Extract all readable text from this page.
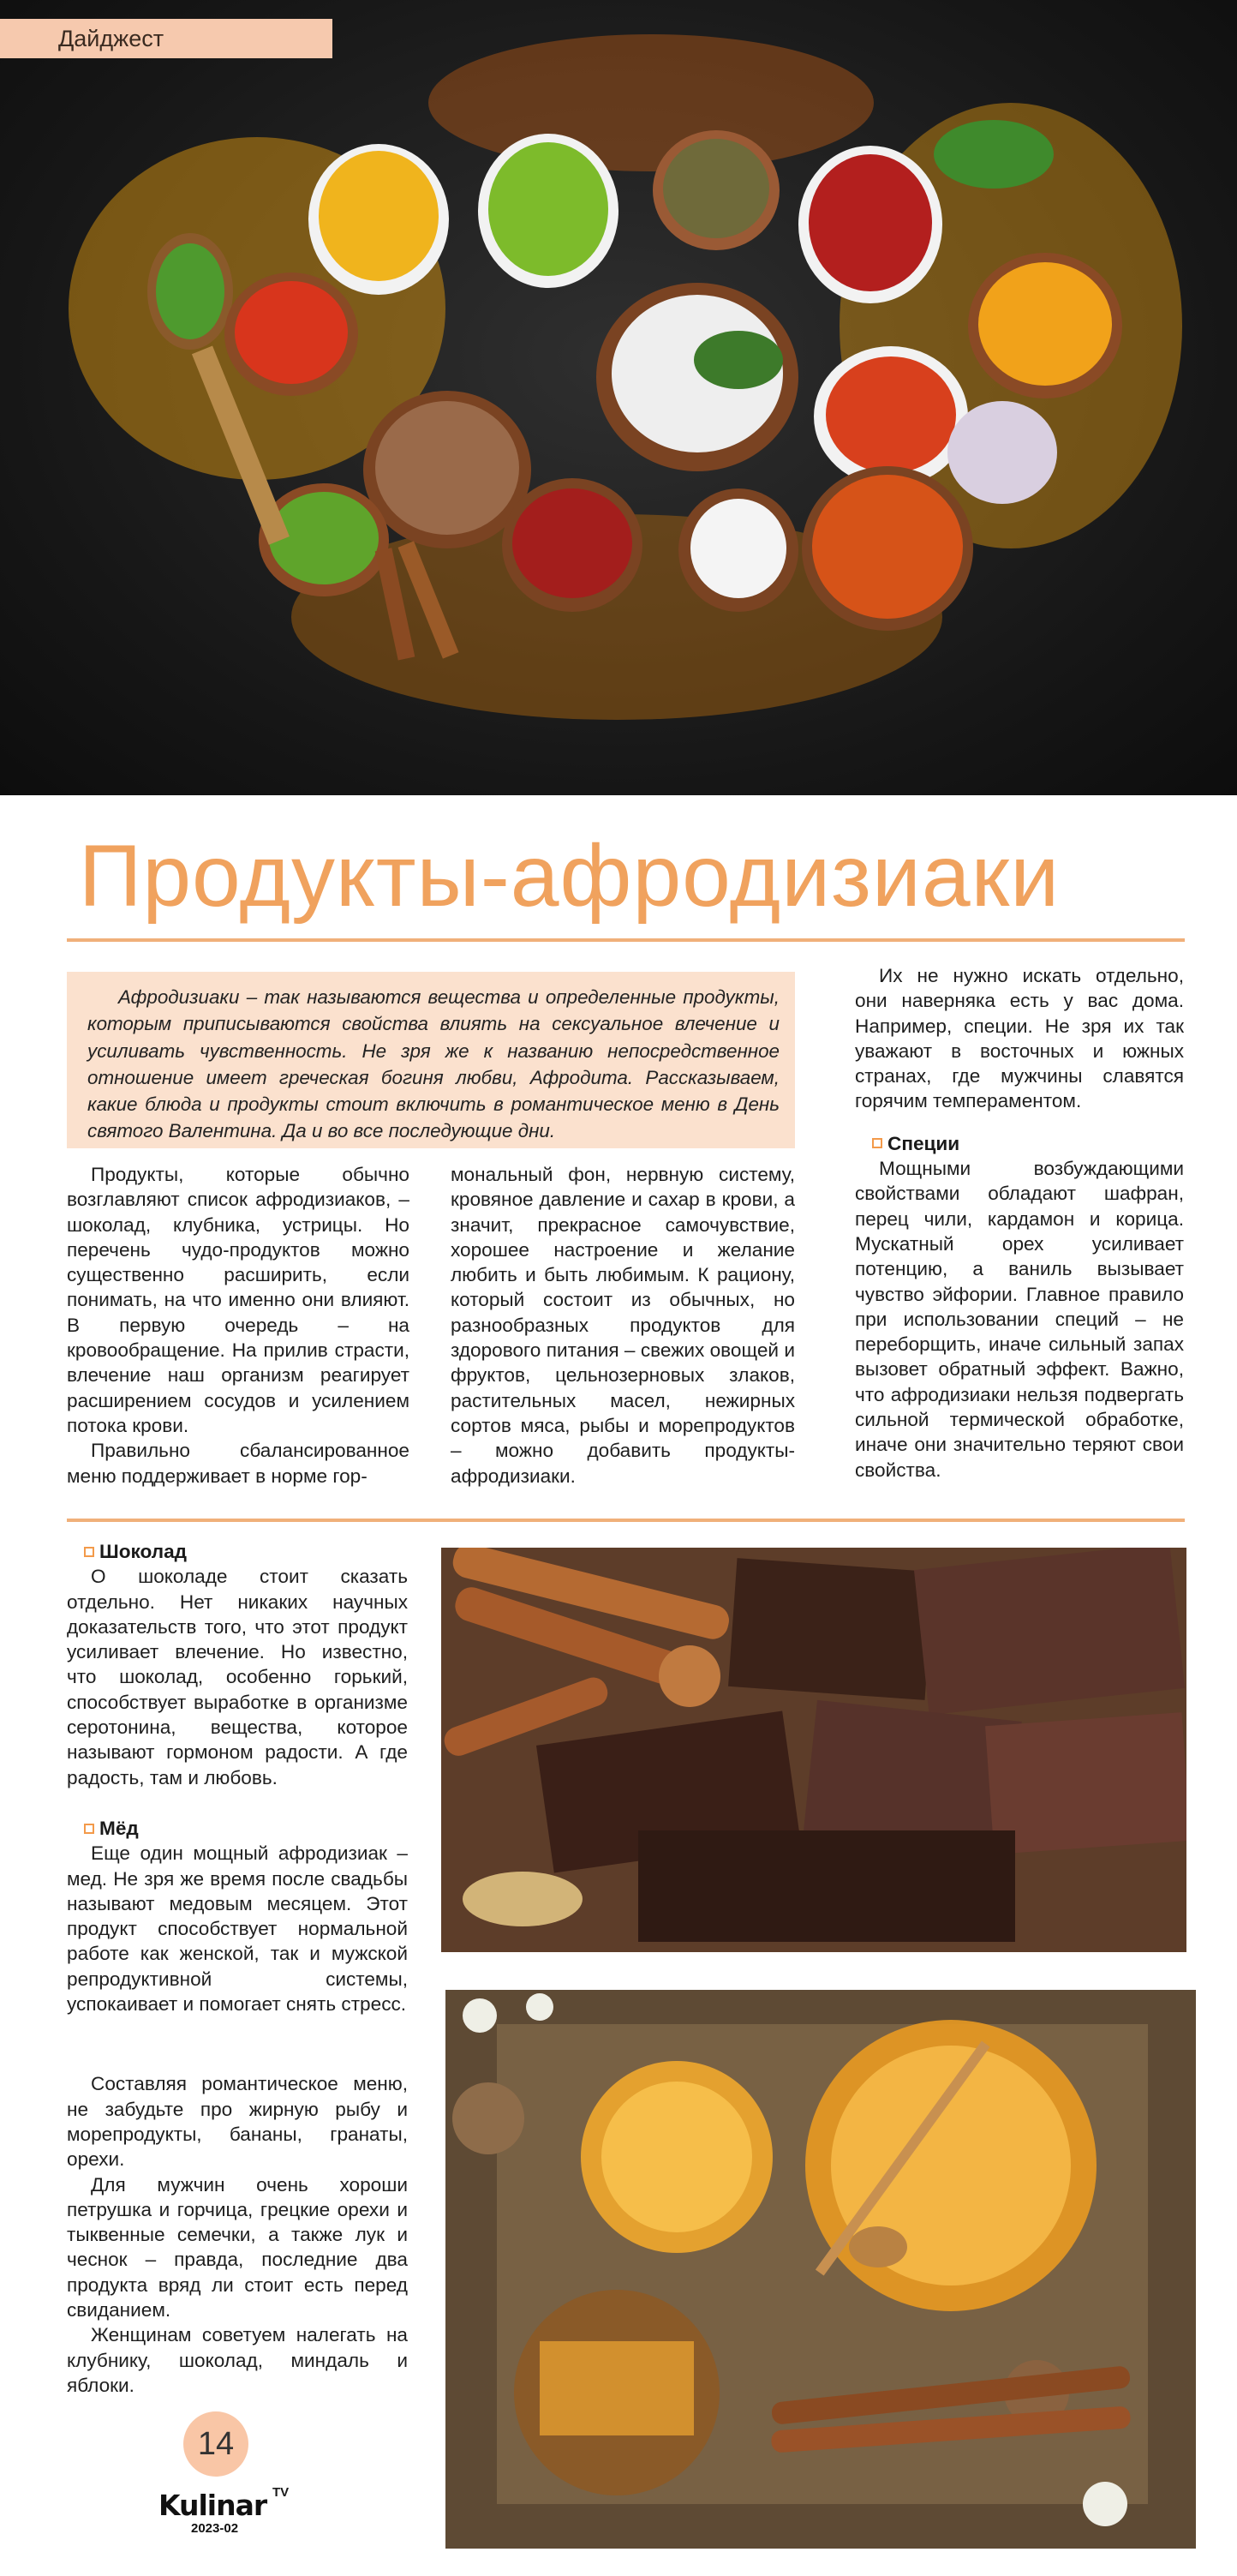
Дайджест
Продукты-афродизиаки

Афродизиаки – так называются вещества и определенные продукты, которым приписываются свойства влиять на сексуальное влечение и усиливать чувственность. Не зря же к названию непосредственное отношение имеет греческая богиня любви, Афродита. Рассказываем, какие блюда и продукты стоит включить в романтическое меню в День святого Валентина. Да и во все последующие дни.

Продукты, которые обычно возглавляют список афродизиаков, – шоколад, клубника, устрицы. Но перечень чудо-продуктов можно существенно расширить, если понимать, на что именно они влияют. В первую очередь – на кровообращение. На прилив страсти, влечение наш организм реагирует расширением сосудов и усилением потока крови.

Правильно сбалансированное меню поддерживает в норме гор-

мональный фон, нервную систему, кровяное давление и сахар в крови, а значит, прекрасное самочувствие, хорошее настроение и желание любить и быть любимым. К рациону, который состоит из обычных, но разнообразных продуктов для здорового питания – свежих овощей и фруктов, цельнозерновых злаков, растительных масел, нежирных сортов мяса, рыбы и морепродуктов – можно добавить продукты-афродизиаки.

Их не нужно искать отдельно, они наверняка есть у вас дома. Например, специи. Не зря их так уважают в восточных и южных странах, где мужчины славятся горячим темпераментом.

Специи

Мощными возбуждающими свойствами обладают шафран, перец чили, кардамон и корица. Мускатный орех усиливает потенцию, а ваниль вызывает чувство эйфории. Главное правило при использовании специй – не переборщить, иначе сильный запах вызовет обратный эффект. Важно, что афродизиаки нельзя подвергать сильной термической обработке, иначе они значительно теряют свои свойства.

Шоколад

О шоколаде стоит сказать отдельно. Нет никаких научных доказательств того, что этот продукт усиливает влечение. Но известно, что шоколад, особенно горький, способствует выработке в организме серотонина, вещества, которое называют гормоном радости. А где радость, там и любовь.

Мёд

Еще один мощный афродизиак – мед. Не зря же время после свадьбы называют медовым месяцем. Этот продукт способствует нормальной работе как женской, так и мужской репродуктивной системы, успокаивает и помогает снять стресс.

Составляя романтическое меню, не забудьте про жирную рыбу и морепродукты, бананы, гранаты, орехи.

Для мужчин очень хороши петрушка и горчица, грецкие орехи и тыквенные семечки, а также лук и чеснок – правда, последние два продукта вряд ли стоит есть перед свиданием.

Женщинам советуем налегать на клубнику, шоколад, миндаль и яблоки.

14
Kulinar TV
2023-02
